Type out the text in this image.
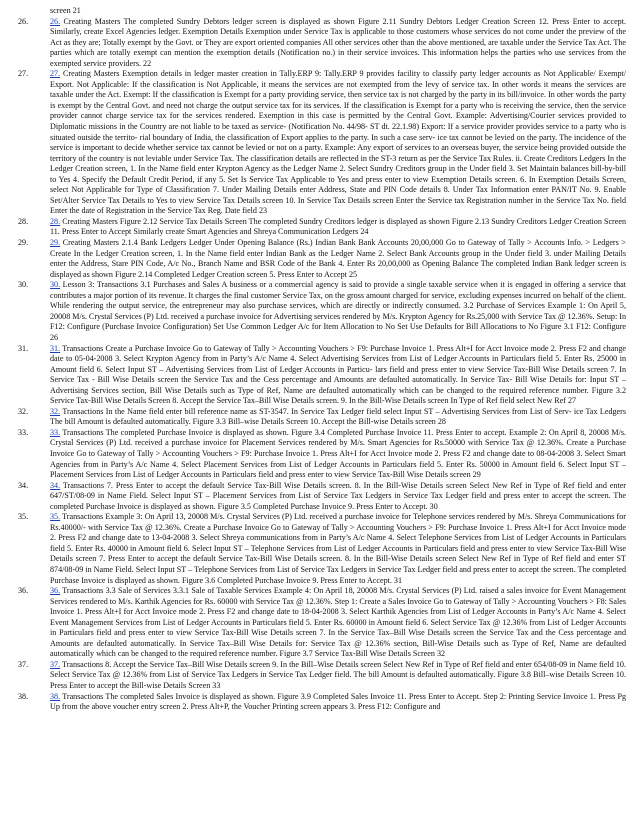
screen 21
26.	26. Creating Masters The completed Sundry Debtors ledger screen is displayed as shown Figure 2.11 Sundry Debtors Ledger Creation Screen 12. Press Enter to accept. Similarly, create Excel Agencies ledger. Exemption Details Exemption under Service Tax is applicable to those customers whose services do not come under the preview of the Act as they are; Totally exempt by the Govt. or They are export oriented companies All other services other than the above mentioned, are taxable under the Service Tax Act. The parties which are totally exempt can mention the exemption details (Notification no.) in their service invoices. This information helps the parties who use services from the exempted service providers. 22
27.	27. Creating Masters Exemption details in ledger master creation in Tally.ERP 9: Tally.ERP 9 provides facility to classify party ledger accounts as Not Applicable/ Exempt/ Export. Not Applicable: If the classification is Not Applicable, it means the services are not exempted from the levy of service tax. In other words it means the services are taxable under the Act. Exempt: If the classification is Exempt for a party providing service, then service tax is not charged by the party in its bill/invoice. In other words the party is exempt by the Central Govt. and need not charge the output service tax for its services. If the classification is Exempt for a party who is receiving the service, then the service provider cannot charge service tax for the services rendered. Exemption in this case is permitted by the Central Govt. Example: Advertising/Courier services provided to Diplomatic missions in the Country are not liable to be taxed as service- (Notification No. 44/98- ST dt. 22.1.98) Export: If a service provider provides service to a party who is situated outside the territo- rial boundary of India, the classification of Export applies to the party. In such a case serv- ice tax cannot be levied on the party. The incidence of the service is important to decide whether service tax cannot be levied or not on a party. Example: Any export of services to an overseas buyer, the service being provided outside the territory of the country is not leviable under Service Tax. The classification details are reflected in the ST-3 return as per the Service Tax Rules. ii. Create Creditors Ledgers In the Ledger Creation screen, 1. In the Name field enter Krypton Agency as the Ledger Name 2. Select Sundry Creditors group in the Under field 3. Set Maintain balances bill-by-bill to Yes 4. Specify the Default Credit Period, if any 5. Set Is Service Tax Applicable to Yes and press enter to view Exemption Details screen. 6. In Exemption Details Screen, select Not Applicable for Type of Classification 7. Under Mailing Details enter Address, State and PIN Code details 8. Under Tax Information enter PAN/IT No. 9. Enable Set/Alter Service Tax Details to Yes to view Service Tax Details screen 10. In Service Tax Details screen Enter the Service tax Registration number in the Service Tax No. field Enter the date of Registration in the Service Tax Reg. Date field 23
28.	28. Creating Masters Figure 2.12 Service Tax Details Screen The completed Sundry Creditors ledger is displayed as shown Figure 2.13 Sundry Creditors Ledger Creation Screen 11. Press Enter to Accept Similarly create Smart Agencies and Shreya Communication Ledgers 24
29.	29. Creating Masters 2.1.4 Bank Ledgers Ledger Under Opening Balance (Rs.) Indian Bank Bank Accounts 20,00,000 Go to Gateway of Tally > Accounts Info. > Ledgers > Create In the Ledger Creation screen, 1. In the Name field enter Indian Bank as the Ledger Name 2. Select Bank Accounts group in the Under field 3. under Mailing Details enter the Address, Stare PIN Code, A/c No., Branch Name and BSR Code of the Bank 4. Enter Rs 20,00,000 as Opening Balance The completed Indian Bank ledger screen is displayed as shown Figure 2.14 Completed Ledger Creation screen 5. Press Enter to Accept 25
30.	30. Lesson 3: Transactions 3.1 Purchases and Sales A business or a commercial agency is said to provide a single taxable service when it is engaged in offering a service that contributes a major portion of its revenue. It charges the final customer Service Tax, on the gross amount charged for service, excluding expenses incurred on behalf of the client. While rendering the output service, the entrepreneur may also purchase services, which are directly or indirectly consumed. 3.2 Purchase of Services Example 1: On April 5, 20008 M/s. Crystal Services (P) Ltd. received a purchase invoice for Advertising services rendered by M/s. Krypton Agency for Rs.25,000 with Service Tax @ 12.36%. Setup: In F12: Configure (Purchase Invoice Configuration) Set Use Common Ledger A/c for Item Allocation to No Set Use Defaults for Bill Allocations to No Figure 3.1 F12: Configure 26
31.	31. Transactions Create a Purchase Invoice Go to Gateway of Tally > Accounting Vouchers > F9: Purchase Invoice 1. Press Alt+I for Acct Invoice mode 2. Press F2 and change date to 05-04-2008 3. Select Krypton Agency from in Party’s A/c Name 4. Select Advertising Services from List of Ledger Accounts in Particulars field 5. Enter Rs. 25000 in Amount field 6. Select Input ST – Advertising Services from List of Ledger Accounts in Particu- lars field and press enter to view Service Tax-Bill Wise Details screen 7. In Service Tax - Bill Wise Details screen the Service Tax and the Cess percentage and Amounts are defaulted automatically. In Service Tax- Bill Wise Details for: Input ST – Advertising Services section, Bill Wise Details such as Type of Ref, Name are defaulted automatically which can be changed to the required reference number. Figure 3.2 Service Tax-Bill Wise Details Screen 8. Accept the Service Tax–Bill Wise Details screen. 9. In the Bill-Wise Details screen In Type of Ref field select New Ref 27
32.	32. Transactions In the Name field enter bill reference name as ST-3547. In Service Tax Ledger field select Input ST – Advertising Services from List of Serv- ice Tax Ledgers The bill Amount is defaulted automatically. Figure 3.3 Bill–wise Details Screen 10. Accept the Bill-wise Details screen 28
33.	33. Transactions The completed Purchase Invoice is displayed as shown. Figure 3.4 Completed Purchase Invoice 11. Press Enter to accept. Example 2: On April 8, 20008 M/s. Crystal Services (P) Ltd. received a purchase invoice for Placement Services rendered by M/s. Smart Agencies for Rs.50000 with Service Tax @ 12.36%. Create a Purchase Invoice Go to Gateway of Tally > Accounting Vouchers > F9: Purchase Invoice 1. Press Alt+I for Acct Invoice mode 2. Press F2 and change date to 08-04-2008 3. Select Smart Agencies from in Party’s A/c Name 4. Select Placement Services from List of Ledger Accounts in Particulars field 5. Enter Rs. 50000 in Amount field 6. Select Input ST – Placement Services from List of Ledger Accounts in Particulars field and press enter to view Service Tax-Bill Wise Details screen 29
34.	34. Transactions 7. Press Enter to accept the default Service Tax-Bill Wise Details screen. 8. In the Bill-Wise Details screen Select New Ref in Type of Ref field and enter 647/ST/08-09 in Name Field. Select Input ST – Placement Services from List of Service Tax Ledgers in Service Tax Ledger field and press enter to accept the screen. The completed Purchase Invoice is displayed as shown. Figure 3.5 Completed Purchase Invoice 9. Press Enter to Accept. 30
35.	35. Transactions Example 3: On April 13, 20008 M/s. Crystal Services (P) Ltd. received a purchase invoice for Telephone services rendered by M/s. Shreya Communications for Rs.40000/- with Service Tax @ 12.36%. Create a Purchase Invoice Go to Gateway of Tally > Accounting Vouchers > F9: Purchase Invoice 1. Press Alt+I for Acct Invoice mode 2. Press F2 and change date to 13-04-2008 3. Select Shreya communications from in Party’s A/c Name 4. Select Telephone Services from List of Ledger Accounts in Particulars field 5. Enter Rs. 40000 in Amount field 6. Select Input ST – Telephone Services from List of Ledger Accounts in Particulars field and press enter to view Service Tax-Bill Wise Details screen 7. Press Enter to accept the default Service Tax-Bill Wise Details screen. 8. In the Bill-Wise Details screen Select New Ref in Type of Ref field and enter ST 874/08-09 in Name Field. Select Input ST – Telephone Services from List of Service Tax Ledgers in Service Tax Ledger field and press enter to accept the screen. The completed Purchase Invoice is displayed as shown. Figure 3.6 Completed Purchase Invoice 9. Press Enter to Accept. 31
36.	36. Transactions 3.3 Sale of Services 3.3.1 Sale of Taxable Services Example 4: On April 18, 20008 M/s. Crystal Services (P) Ltd. raised a sales invoice for Event Management Services rendered to M/s. Karthik Agencies for Rs. 60000 with Service Tax @ 12.36%. Step 1: Create a Sales Invoice Go to Gateway of Tally > Accounting Vouchers > F8: Sales Invoice 1. Press Alt+I for Acct Invoice mode 2. Press F2 and change date to 18-04-2008 3. Select Karthik Agencies from List of Ledger Accounts in Party’s A/c Name 4. Select Event Management Services from List of Ledger Accounts in Particulars field 5. Enter Rs. 60000 in Amount field 6. Select Service Tax @ 12.36% from List of Ledger Accounts in Particulars field and press enter to view Service Tax-Bill Wise Details screen 7. In the Service Tax–Bill Wise Details screen the Service Tax and the Cess percentage and Amounts are defaulted automatically. In Service Tax–Bill Wise Details for: Service Tax @ 12.36% section, Bill-Wise Details such as Type of Ref, Name are defaulted automatically which can be changed to the required reference number. Figure 3.7 Service Tax-Bill Wise Details Screen 32
37.	37. Transactions 8. Accept the Service Tax–Bill Wise Details screen 9. In the Bill–Wise Details screen Select New Ref in Type of Ref field and enter 654/08-09 in Name field 10. Select Service Tax @ 12.36% from List of Service Tax Ledgers in Service Tax Ledger field. The bill Amount is defaulted automatically. Figure 3.8 Bill–wise Details Screen 10. Press Enter to accept the Bill-wise Details Screen 33
38.	38. Transactions The completed Sales Invoice is displayed as shown. Figure 3.9 Completed Sales Invoice 11. Press Enter to Accept. Step 2: Printing Service Invoice 1. Press Pg Up from the above voucher entry screen 2. Press Alt+P, the Voucher Printing screen appears 3. Press F12: Configure and
